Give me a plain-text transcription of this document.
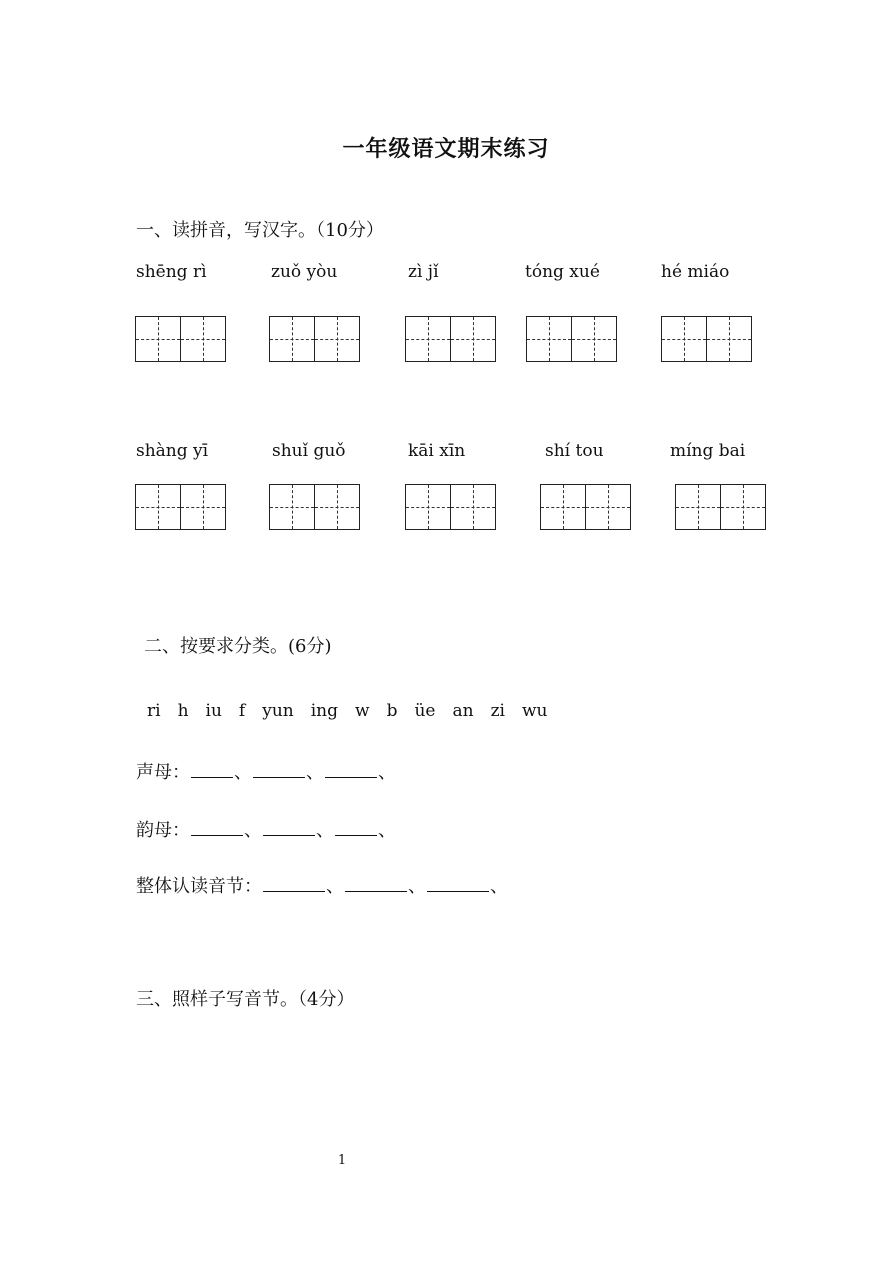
一年级语文期末练习
一、读拼音，写汉字。（10分）
shēng rì	zuǒ yòu	zì jǐ	tóng xué	hé miáo
shàng yī	shuǐ guǒ	kāi xīn	shí tou	míng bai
二、按要求分类。(6分)
ri h iu f yun ing w b üe an zi wu
声母： 、	、	、
韵母：	、	、 、
整体认读音节：	、	、	、
三、照样子写音节。（4分）
1
